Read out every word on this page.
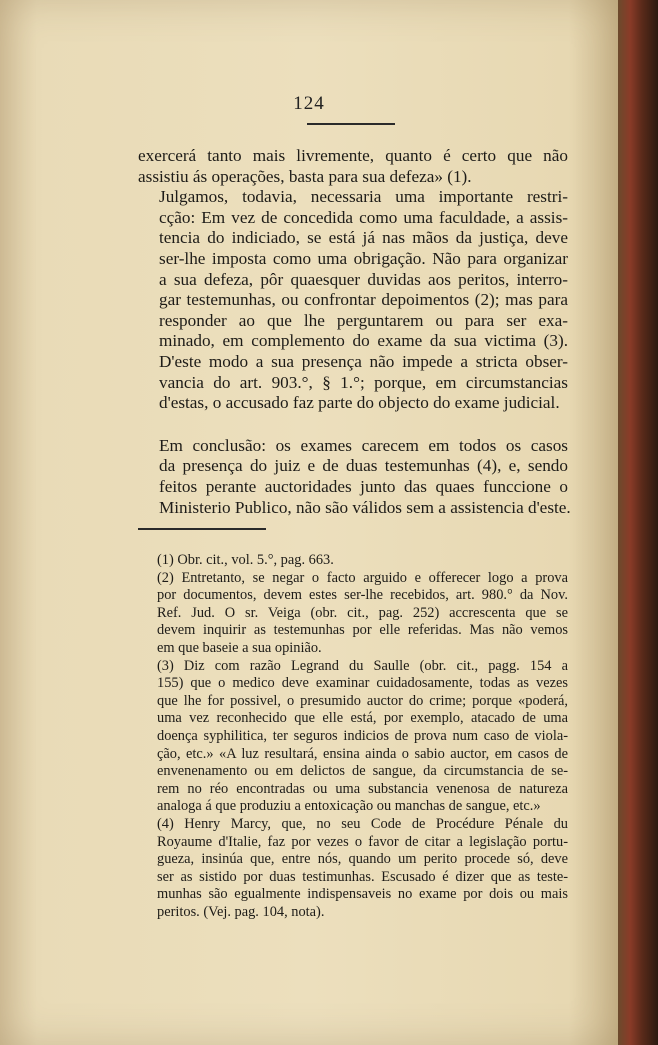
124

exercerá tanto mais livremente, quanto é certo que não
assistiu ás operações, basta para sua defeza» (1).

Julgamos, todavia, necessaria uma importante restri-
cção: Em vez de concedida como uma faculdade, a assis-
tencia do indiciado, se está já nas mãos da justiça, deve
ser-lhe imposta como uma obrigação. Não para organizar
a sua defeza, pôr quaesquer duvidas aos peritos, interro-
gar testemunhas, ou confrontar depoimentos (2); mas para
responder ao que lhe perguntarem ou para ser exa-
minado, em complemento do exame da sua victima (3).
D'este modo a sua presença não impede a stricta obser-
vancia do art. 903.°, § 1.°; porque, em circumstancias
d'estas, o accusado faz parte do objecto do exame judicial.

Em conclusão: os exames carecem em todos os casos
da presença do juiz e de duas testemunhas (4), e, sendo
feitos perante auctoridades junto das quaes funccione o
Ministerio Publico, não são válidos sem a assistencia d'este.

(1) Obr. cit., vol. 5.°, pag. 663.

(2) Entretanto, se negar o facto arguido e offerecer logo a prova
por documentos, devem estes ser-lhe recebidos, art. 980.° da Nov.
Ref. Jud. O sr. Veiga (obr. cit., pag. 252) accrescenta que se
devem inquirir as testemunhas por elle referidas. Mas não vemos
em que baseie a sua opinião.

(3) Diz com razão Legrand du Saulle (obr. cit., pagg. 154 a
155) que o medico deve examinar cuidadosamente, todas as vezes
que lhe for possivel, o presumido auctor do crime; porque «poderá,
uma vez reconhecido que elle está, por exemplo, atacado de uma
doença syphilitica, ter seguros indicios de prova num caso de viola-
ção, etc.» «A luz resultará, ensina ainda o sabio auctor, em casos de
envenenamento ou em delictos de sangue, da circumstancia de se-
rem no réo encontradas ou uma substancia venenosa de natureza
analoga á que produziu a entoxicação ou manchas de sangue, etc.»

(4) Henry Marcy, que, no seu Code de Procédure Pénale du
Royaume d'Italie, faz por vezes o favor de citar a legislação portu-
gueza, insinúa que, entre nós, quando um perito procede só, deve
ser as sistido por duas testimunhas. Escusado é dizer que as teste-
munhas são egualmente indispensaveis no exame por dois ou mais
peritos. (Vej. pag. 104, nota).
